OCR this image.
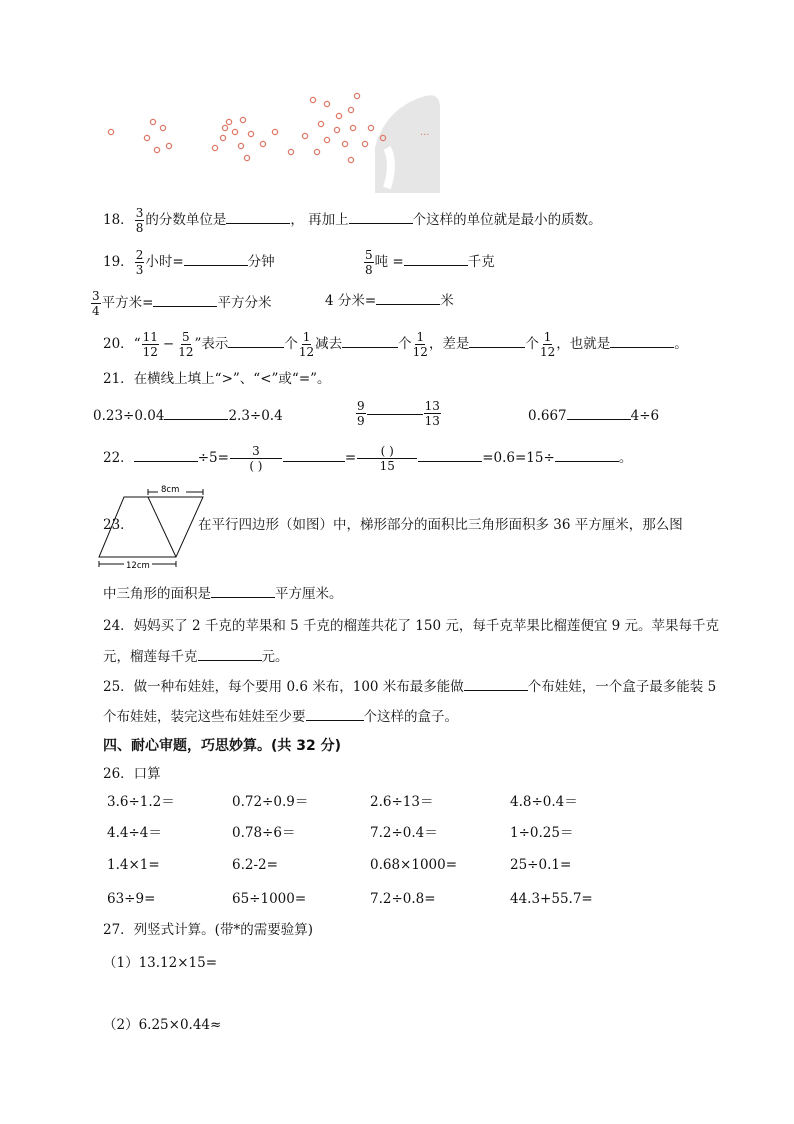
···
18． $\frac{3}{8}$ 的分数单位是	， 再加上	个这样的单位就是最小的质数。
19． $\frac{2}{3}$ 小时=	分钟	$\frac{5}{8}$ 吨 =	千克
$\frac{3}{4}$ 平方米=	平方分米	4 分米=	米
20．“ $\frac{11}{12} - \frac{5}{12}$ ”表示	个 $\frac{1}{12}$ 减去	个 $\frac{1}{12}$ ，差是	个 $\frac{1}{12}$ ，也就是	。
21．在横线上填上“>”、“<”或“=”。
0.23÷0.04	2.3÷0.4	$\frac{9}{9}$	$\frac{13}{13}$	0.667	4÷6
22．	$\div 5= \frac{3}{( )}$	= $\frac{( )}{15}$	=0.6=15÷	。
23．
8cm
12cm
在平行四边形（如图）中，梯形部分的面积比三角形面积多 36 平方厘米，那么图
中三角形的面积是	平方厘米。
24．妈妈买了 2 千克的苹果和 5 千克的榴莲共花了 150 元，每千克苹果比榴莲便宜 9 元。苹果每千克
元，榴莲每千克	元。
25．做一种布娃娃，每个要用 0.6 米布，100 米布最多能做	个布娃娃，一个盒子最多能装 5
个布娃娃，装完这些布娃娃至少要	个这样的盒子。
四、耐心审题，巧思妙算。(共 32 分)
26．口算
3.6÷1.2＝	0.72÷0.9＝	2.6÷13＝	4.8÷0.4＝
4.4÷4＝	0.78÷6＝	7.2÷0.4＝	1÷0.25＝
1.4×1=	6.2-2=	0.68×1000=	25÷0.1=
63÷9=	65÷1000=	7.2÷0.8=	44.3+55.7=
27．列竖式计算。(带*的需要验算)
（1）13.12×15=
（2）6.25×0.44≈
